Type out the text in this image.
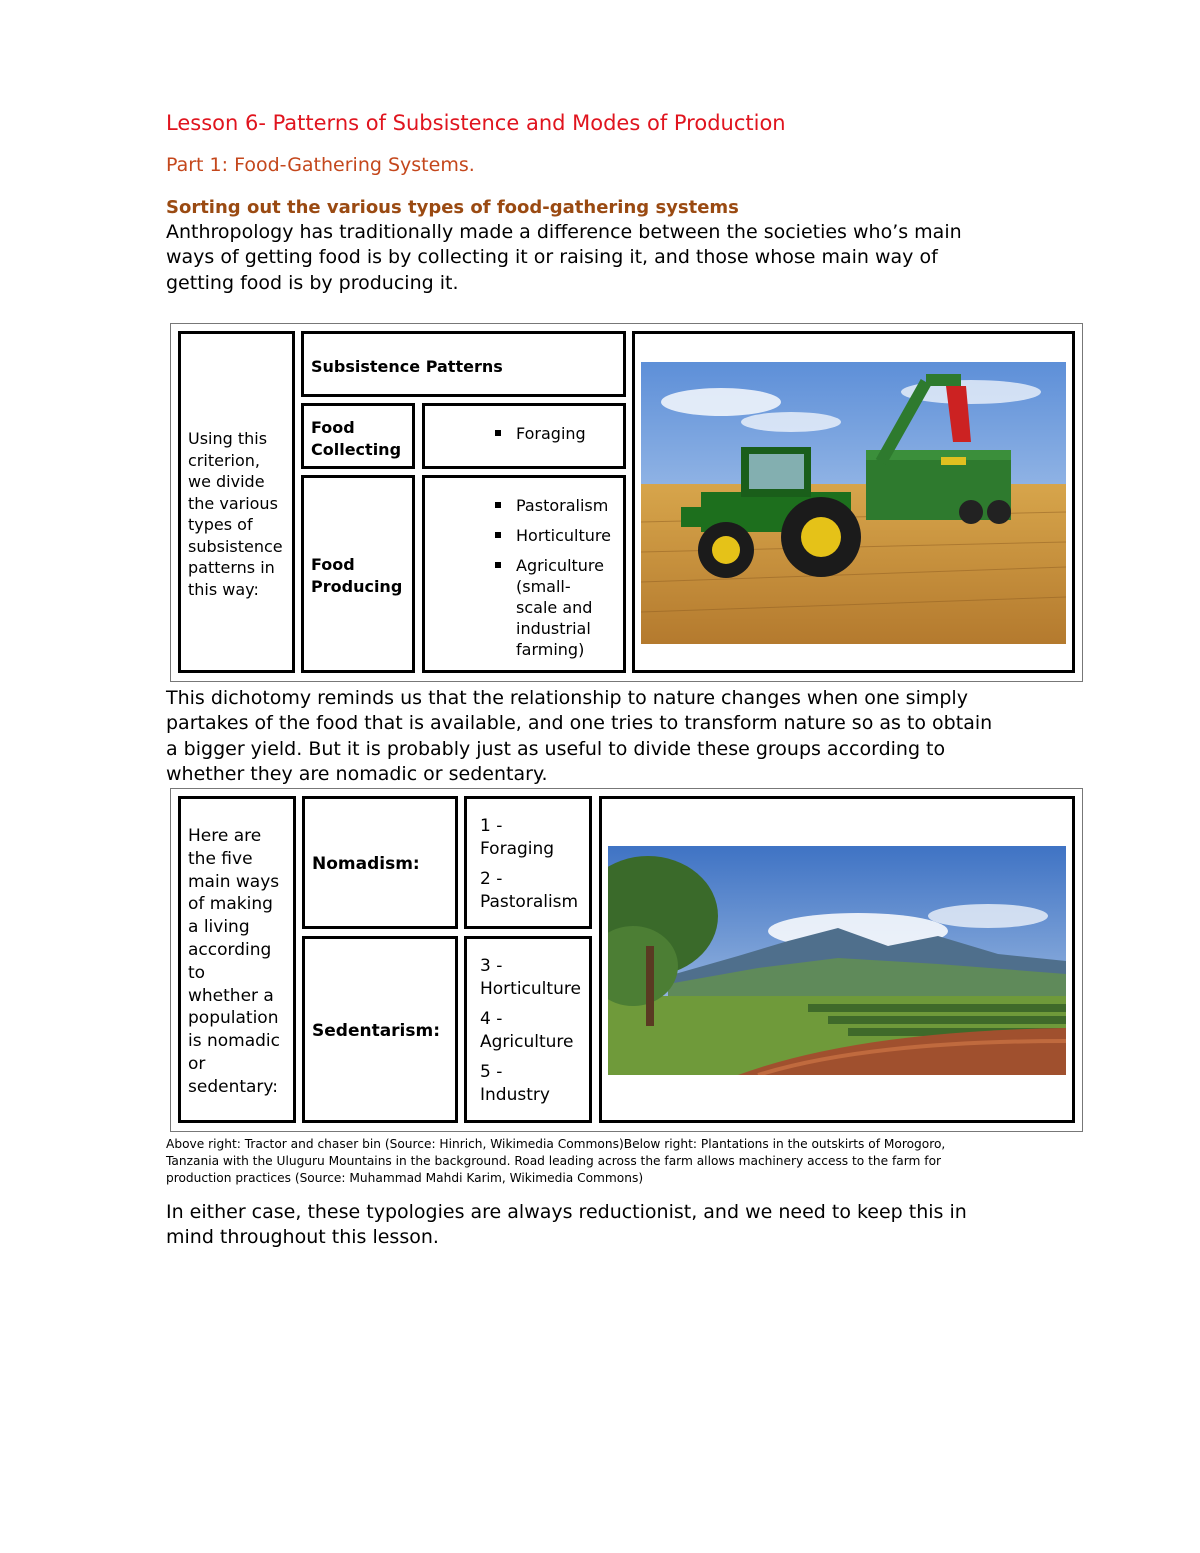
Lesson 6- Patterns of Subsistence and Modes of Production
Part 1: Food-Gathering Systems.
Sorting out the various types of food-gathering systems
Anthropology has traditionally made a difference between the societies who’s main
ways of getting food is by collecting it or raising it, and those whose main way of
getting food is by producing it.
Using this
criterion,
we divide
the various
types of
subsistence
patterns in
this way:
Subsistence Patterns
Food
Collecting
Foraging
Food
Producing
Pastoralism
Horticulture
Agriculture
(small-
scale and
industrial
farming)
This dichotomy reminds us that the relationship to nature changes when one simply
partakes of the food that is available, and one tries to transform nature so as to obtain
a bigger yield. But it is probably just as useful to divide these groups according to
whether they are nomadic or sedentary.
Here are
the five
main ways
of making
a living
according
to
whether a
population
is nomadic
or
sedentary:
Nomadism:
1 -
Foraging
2 -
Pastoralism
Sedentarism:
3 -
Horticulture
4 -
Agriculture
5 -
Industry
Above right: Tractor and chaser bin (Source: Hinrich, Wikimedia Commons)Below right: Plantations in the outskirts of Morogoro,
Tanzania with the Uluguru Mountains in the background. Road leading across the farm allows machinery access to the farm for
production practices (Source: Muhammad Mahdi Karim, Wikimedia Commons)
In either case, these typologies are always reductionist, and we need to keep this in
mind throughout this lesson.
